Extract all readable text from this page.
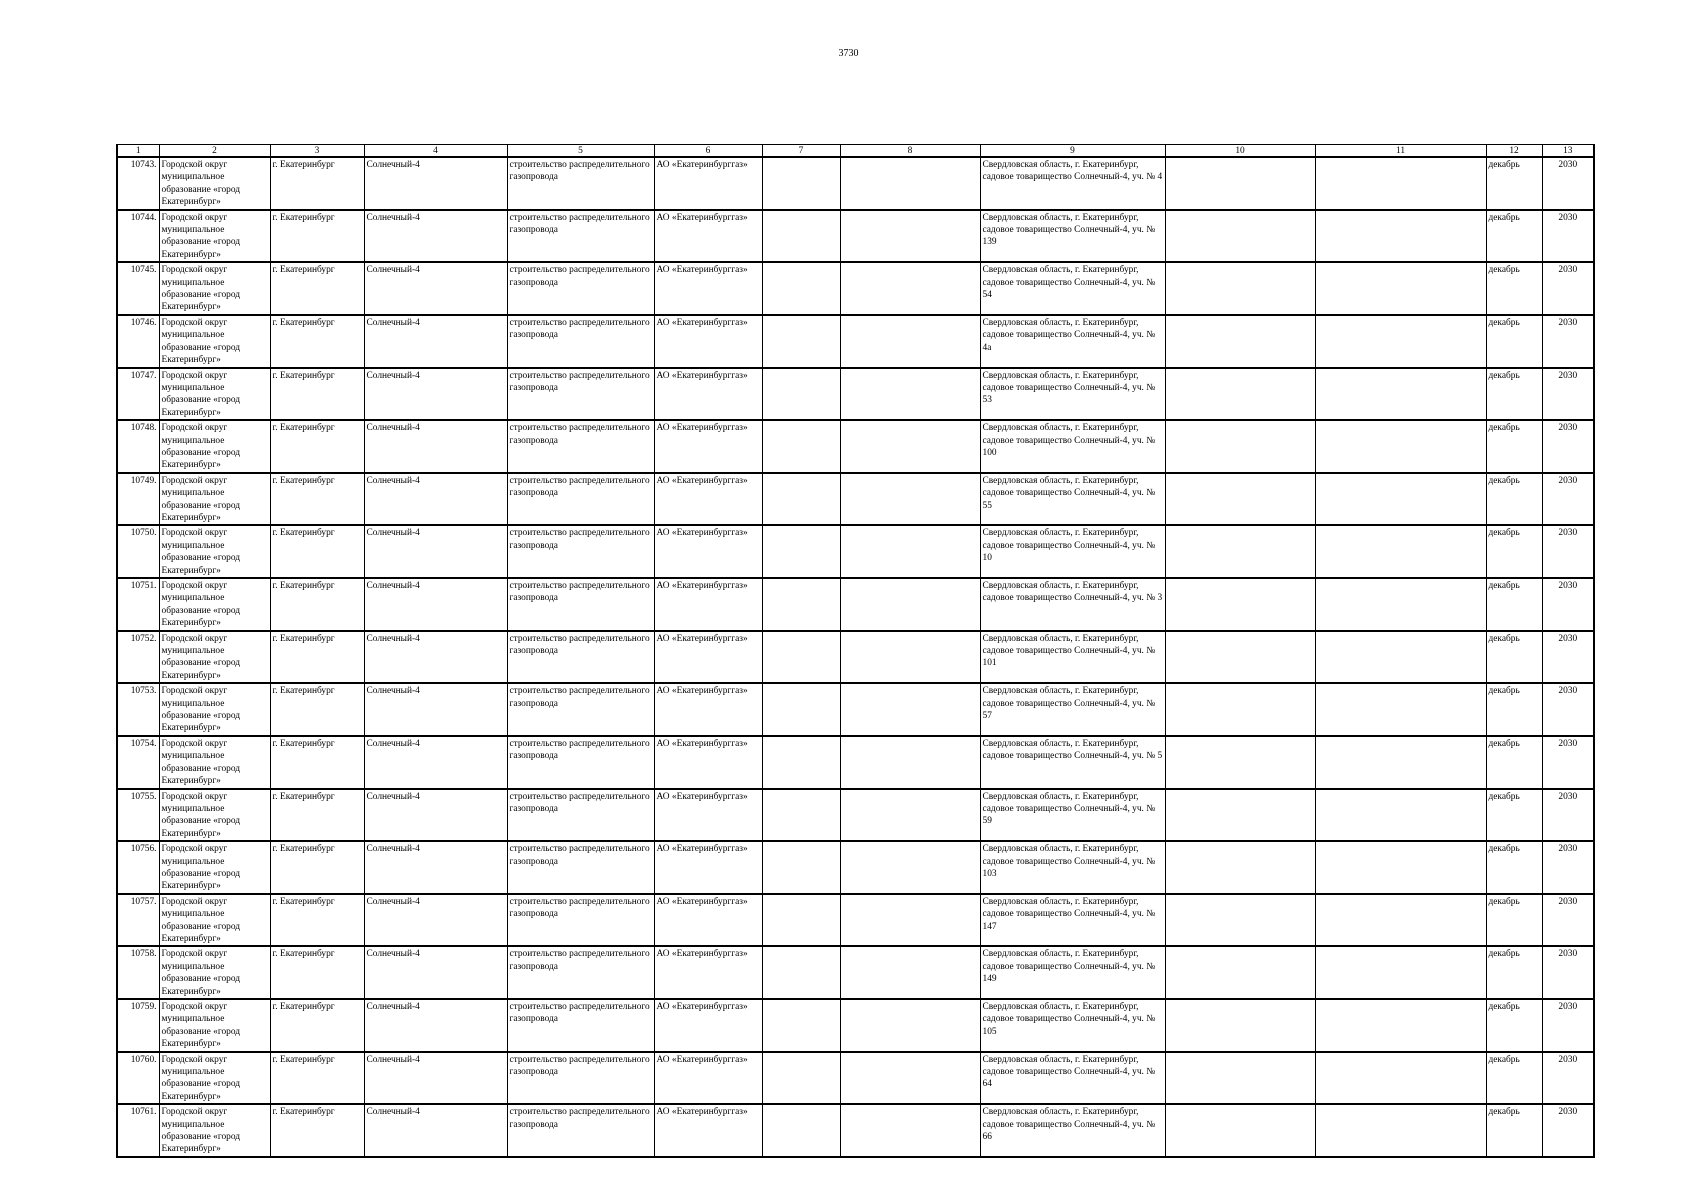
3730
1	2	3	4	5	6	7	8	9	10	11	12	13
10743.	Городской округ муниципальное образование «город Екатеринбург»	г. Екатеринбург	Солнечный-4	строительство распределительного газопровода	АО «Екатеринбурггаз»			Свердловская область, г. Екатеринбург, садовое товарищество Солнечный-4, уч. № 4			декабрь	2030
10744.	Городской округ муниципальное образование «город Екатеринбург»	г. Екатеринбург	Солнечный-4	строительство распределительного газопровода	АО «Екатеринбурггаз»			Свердловская область, г. Екатеринбург, садовое товарищество Солнечный-4, уч. № 139			декабрь	2030
10745.	Городской округ муниципальное образование «город Екатеринбург»	г. Екатеринбург	Солнечный-4	строительство распределительного газопровода	АО «Екатеринбурггаз»			Свердловская область, г. Екатеринбург, садовое товарищество Солнечный-4, уч. № 54			декабрь	2030
10746.	Городской округ муниципальное образование «город Екатеринбург»	г. Екатеринбург	Солнечный-4	строительство распределительного газопровода	АО «Екатеринбурггаз»			Свердловская область, г. Екатеринбург, садовое товарищество Солнечный-4, уч. № 4а			декабрь	2030
10747.	Городской округ муниципальное образование «город Екатеринбург»	г. Екатеринбург	Солнечный-4	строительство распределительного газопровода	АО «Екатеринбурггаз»			Свердловская область, г. Екатеринбург, садовое товарищество Солнечный-4, уч. № 53			декабрь	2030
10748.	Городской округ муниципальное образование «город Екатеринбург»	г. Екатеринбург	Солнечный-4	строительство распределительного газопровода	АО «Екатеринбурггаз»			Свердловская область, г. Екатеринбург, садовое товарищество Солнечный-4, уч. № 100			декабрь	2030
10749.	Городской округ муниципальное образование «город Екатеринбург»	г. Екатеринбург	Солнечный-4	строительство распределительного газопровода	АО «Екатеринбурггаз»			Свердловская область, г. Екатеринбург, садовое товарищество Солнечный-4, уч. № 55			декабрь	2030
10750.	Городской округ муниципальное образование «город Екатеринбург»	г. Екатеринбург	Солнечный-4	строительство распределительного газопровода	АО «Екатеринбурггаз»			Свердловская область, г. Екатеринбург, садовое товарищество Солнечный-4, уч. № 10			декабрь	2030
10751.	Городской округ муниципальное образование «город Екатеринбург»	г. Екатеринбург	Солнечный-4	строительство распределительного газопровода	АО «Екатеринбурггаз»			Свердловская область, г. Екатеринбург, садовое товарищество Солнечный-4, уч. № 3			декабрь	2030
10752.	Городской округ муниципальное образование «город Екатеринбург»	г. Екатеринбург	Солнечный-4	строительство распределительного газопровода	АО «Екатеринбурггаз»			Свердловская область, г. Екатеринбург, садовое товарищество Солнечный-4, уч. № 101			декабрь	2030
10753.	Городской округ муниципальное образование «город Екатеринбург»	г. Екатеринбург	Солнечный-4	строительство распределительного газопровода	АО «Екатеринбурггаз»			Свердловская область, г. Екатеринбург, садовое товарищество Солнечный-4, уч. № 57			декабрь	2030
10754.	Городской округ муниципальное образование «город Екатеринбург»	г. Екатеринбург	Солнечный-4	строительство распределительного газопровода	АО «Екатеринбурггаз»			Свердловская область, г. Екатеринбург, садовое товарищество Солнечный-4, уч. № 5			декабрь	2030
10755.	Городской округ муниципальное образование «город Екатеринбург»	г. Екатеринбург	Солнечный-4	строительство распределительного газопровода	АО «Екатеринбурггаз»			Свердловская область, г. Екатеринбург, садовое товарищество Солнечный-4, уч. № 59			декабрь	2030
10756.	Городской округ муниципальное образование «город Екатеринбург»	г. Екатеринбург	Солнечный-4	строительство распределительного газопровода	АО «Екатеринбурггаз»			Свердловская область, г. Екатеринбург, садовое товарищество Солнечный-4, уч. № 103			декабрь	2030
10757.	Городской округ муниципальное образование «город Екатеринбург»	г. Екатеринбург	Солнечный-4	строительство распределительного газопровода	АО «Екатеринбурггаз»			Свердловская область, г. Екатеринбург, садовое товарищество Солнечный-4, уч. № 147			декабрь	2030
10758.	Городской округ муниципальное образование «город Екатеринбург»	г. Екатеринбург	Солнечный-4	строительство распределительного газопровода	АО «Екатеринбурггаз»			Свердловская область, г. Екатеринбург, садовое товарищество Солнечный-4, уч. № 149			декабрь	2030
10759.	Городской округ муниципальное образование «город Екатеринбург»	г. Екатеринбург	Солнечный-4	строительство распределительного газопровода	АО «Екатеринбурггаз»			Свердловская область, г. Екатеринбург, садовое товарищество Солнечный-4, уч. № 105			декабрь	2030
10760.	Городской округ муниципальное образование «город Екатеринбург»	г. Екатеринбург	Солнечный-4	строительство распределительного газопровода	АО «Екатеринбурггаз»			Свердловская область, г. Екатеринбург, садовое товарищество Солнечный-4, уч. № 64			декабрь	2030
10761.	Городской округ муниципальное образование «город Екатеринбург»	г. Екатеринбург	Солнечный-4	строительство распределительного газопровода	АО «Екатеринбурггаз»			Свердловская область, г. Екатеринбург, садовое товарищество Солнечный-4, уч. № 66			декабрь	2030
